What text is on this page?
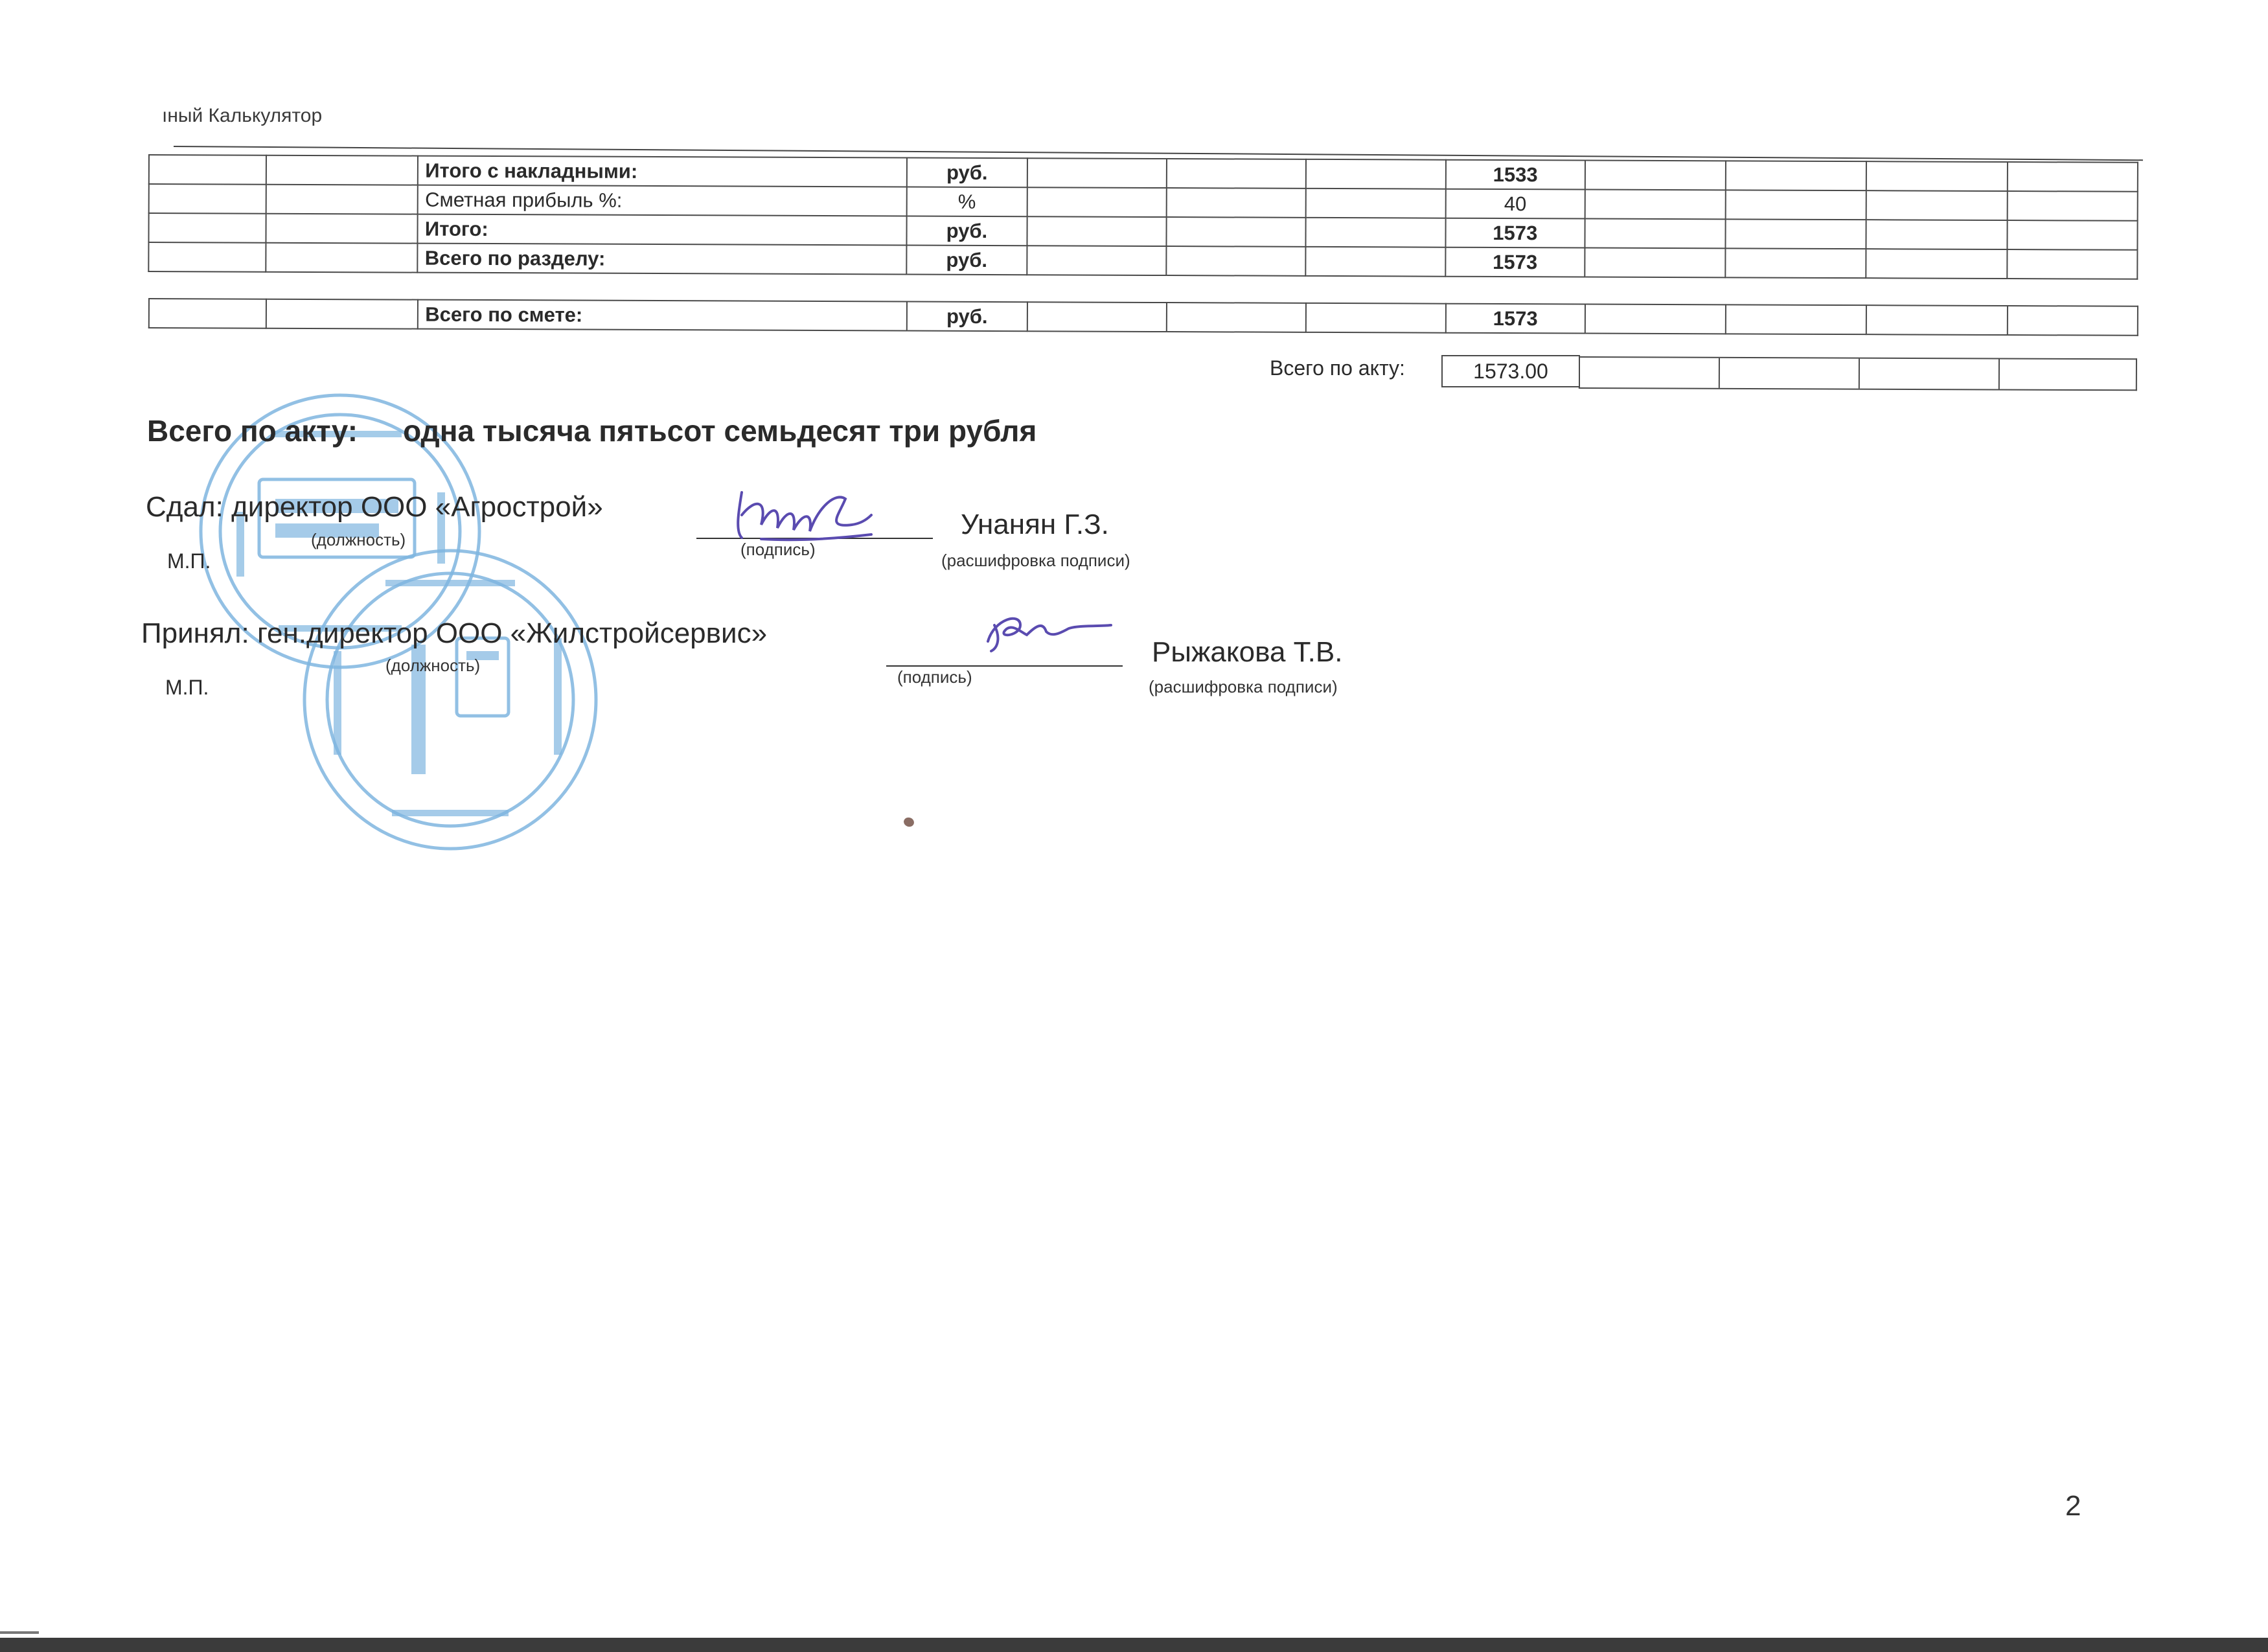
ıный Калькулятор
		Итого с накладными:	руб.				1533				
		Сметная прибыль %:	%				40				
		Итого:	руб.				1573				
		Всего по разделу:	руб.				1573				
		Всего по смете:	руб.				1573				
Всего по акту:	1573.00
Всего по акту: одна тысяча пятьсот семьдесят три рубля
Сдал: директор ООО «Агрострой»
(должность)
М.П.	(подпись)
Унанян Г.З.
(расшифровка подписи)
Принял: ген.директор ООО «Жилстройсервис»
(должность)
М.П.	(подпись)
Рыжакова Т.В.
(расшифровка подписи)
2
